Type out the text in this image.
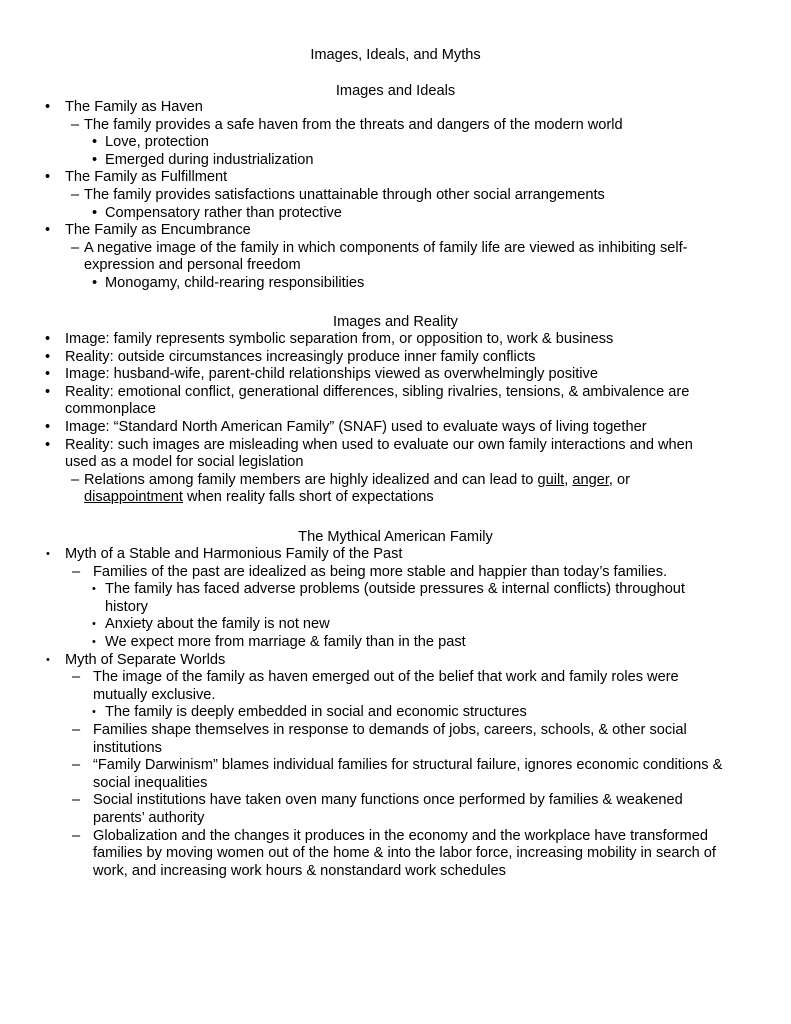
Images, Ideals, and Myths
Images and Ideals
• The Family as Haven
– The family provides a safe haven from the threats and dangers of the modern world
• Love, protection
• Emerged during industrialization
• The Family as Fulfillment
– The family provides satisfactions unattainable through other social arrangements
• Compensatory rather than protective
• The Family as Encumbrance
– A negative image of the family in which components of family life are viewed as inhibiting self-expression and personal freedom
• Monogamy, child-rearing responsibilities
Images and Reality
• Image: family represents symbolic separation from, or opposition to, work & business
• Reality: outside circumstances increasingly produce inner family conflicts
• Image: husband-wife, parent-child relationships viewed as overwhelmingly positive
• Reality: emotional conflict, generational differences, sibling rivalries, tensions, & ambivalence are commonplace
• Image: “Standard North American Family” (SNAF) used to evaluate ways of living together
• Reality: such images are misleading when used to evaluate our own family interactions and when used as a model for social legislation
– Relations among family members are highly idealized and can lead to guilt, anger, or disappointment when reality falls short of expectations
The Mythical American Family
• Myth of a Stable and Harmonious Family of the Past
– Families of the past are idealized as being more stable and happier than today’s families.
• The family has faced adverse problems (outside pressures & internal conflicts) throughout history
• Anxiety about the family is not new
• We expect more from marriage & family than in the past
• Myth of Separate Worlds
– The image of the family as haven emerged out of the belief that work and family roles were mutually exclusive.
• The family is deeply embedded in social and economic structures
– Families shape themselves in response to demands of jobs, careers, schools, & other social institutions
– “Family Darwinism” blames individual families for structural failure, ignores economic conditions & social inequalities
– Social institutions have taken oven many functions once performed by families & weakened parents’ authority
– Globalization and the changes it produces in the economy and the workplace have transformed families by moving women out of the home & into the labor force, increasing mobility in search of work, and increasing work hours & nonstandard work schedules
